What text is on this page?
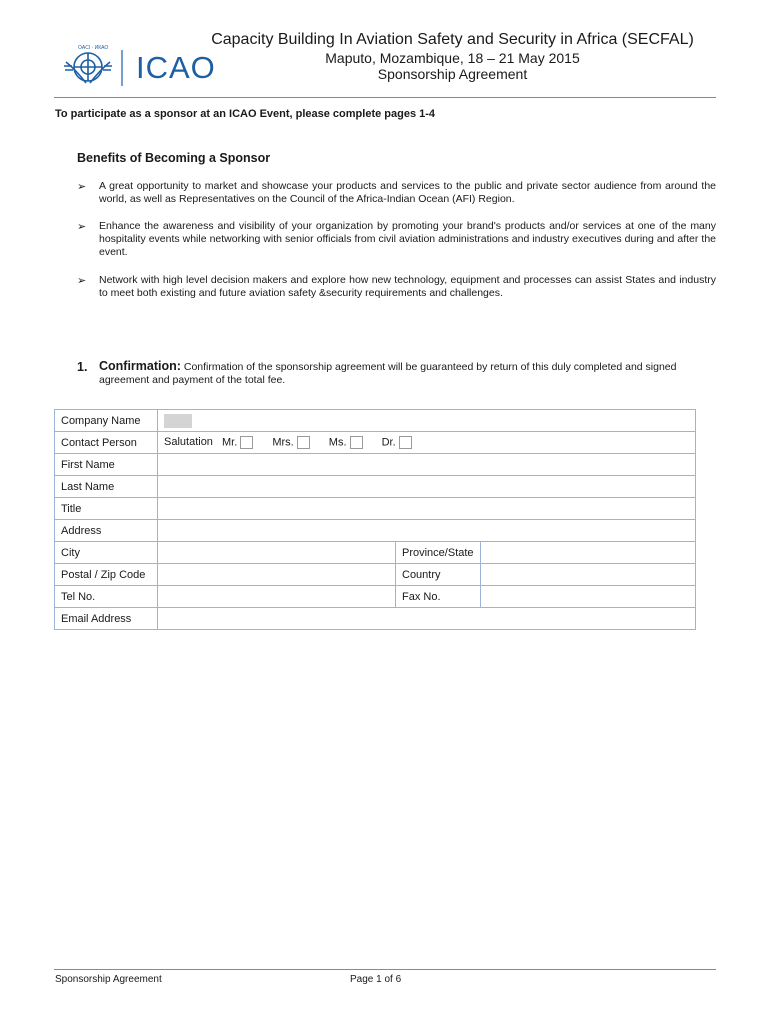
OACI · ИКАО
ICAO
Capacity Building In Aviation Safety and Security in Africa (SECFAL)
Maputo, Mozambique, 18 – 21 May 2015
Sponsorship Agreement
To participate as a sponsor at an ICAO Event, please complete pages 1-4
Benefits of Becoming a Sponsor
➢ A great opportunity to market and showcase your products and services to the public and private sector audience from around the world, as well as Representatives on the Council of the Africa-Indian Ocean (AFI) Region.
➢ Enhance the awareness and visibility of your organization by promoting your brand's products and/or services at one of the many hospitality events while networking with senior officials from civil aviation administrations and industry executives during and after the event.
➢ Network with high level decision makers and explore how new technology, equipment and processes can assist States and industry to meet both existing and future aviation safety &security requirements and challenges.
1. Confirmation: Confirmation of the sponsorship agreement will be guaranteed by return of this duly completed and signed agreement and payment of the total fee.
Company Name			
Contact Person	Salutation Mr. Mrs. Ms. Dr.		
First Name			
Last Name			
Title			
Address			
City		Province/State	
Postal / Zip Code		Country	
Tel No.		Fax No.	
Email Address			
Sponsorship Agreement	Page 1 of 6
